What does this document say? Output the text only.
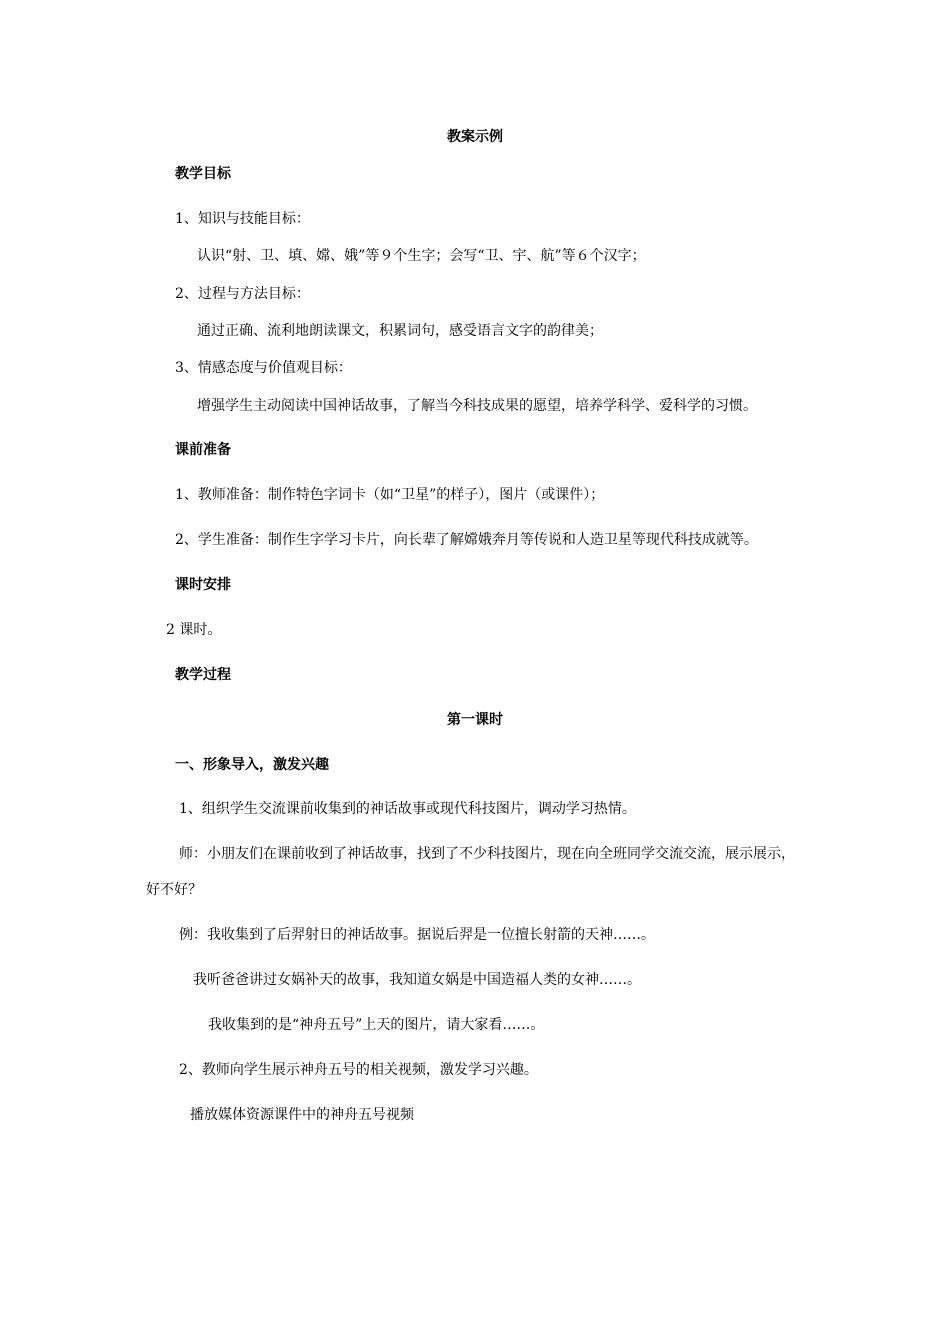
教案示例
教学目标
1、知识与技能目标：
认识“射、卫、填、嫦、娥”等９个生字；会写“卫、宇、航”等６个汉字；
2、过程与方法目标：
通过正确、流利地朗读课文，积累词句，感受语言文字的韵律美；
3、情感态度与价值观目标：
增强学生主动阅读中国神话故事，了解当今科技成果的愿望，培养学科学、爱科学的习惯。
课前准备
1、教师准备：制作特色字词卡（如“卫星”的样子），图片（或课件）；
2、学生准备：制作生字学习卡片，向长辈了解嫦娥奔月等传说和人造卫星等现代科技成就等。
课时安排
2 课时。
教学过程
第一课时
一、形象导入，激发兴趣
1、组织学生交流课前收集到的神话故事或现代科技图片，调动学习热情。
师：小朋友们在课前收到了神话故事，找到了不少科技图片，现在向全班同学交流交流，展示展示，
好不好？
例：我收集到了后羿射日的神话故事。据说后羿是一位擅长射箭的天神……。
我听爸爸讲过女娲补天的故事，我知道女娲是中国造福人类的女神……。
我收集到的是“神舟五号”上天的图片，请大家看……。
2、教师向学生展示神舟五号的相关视频，激发学习兴趣。
播放媒体资源课件中的神舟五号视频
